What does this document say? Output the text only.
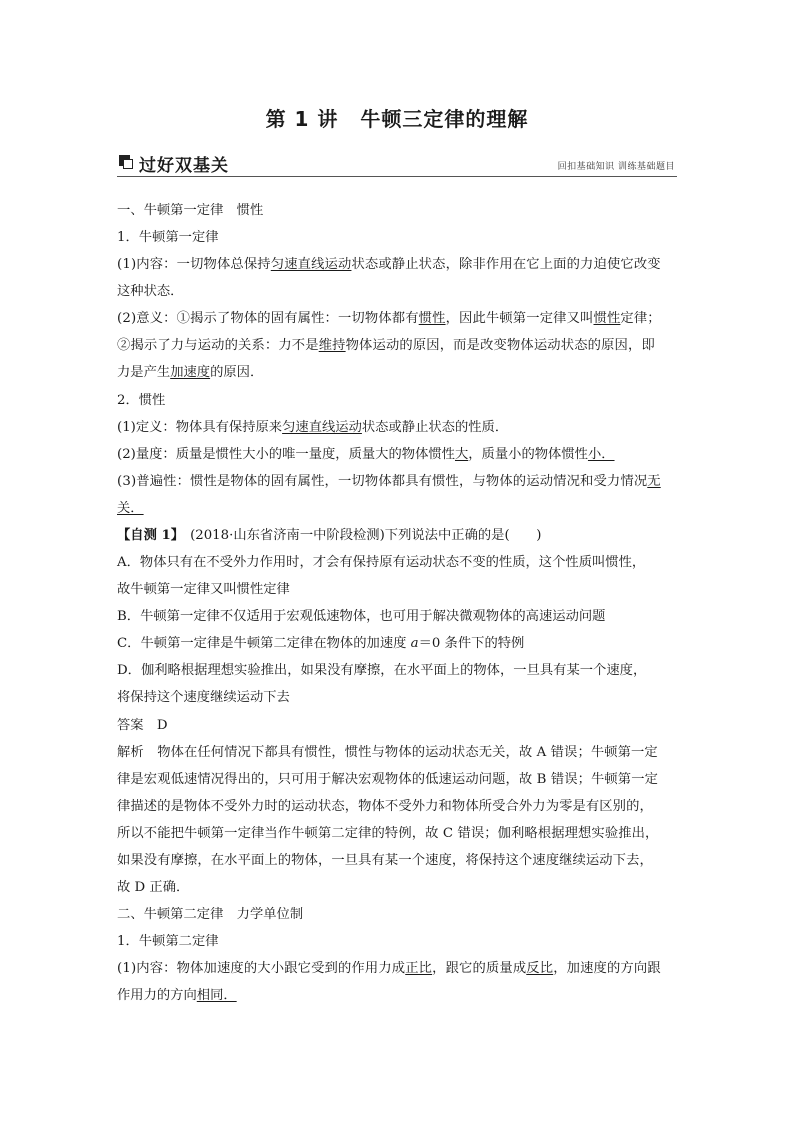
第 1 讲 牛顿三定律的理解
过好双基关	回扣基础知识 训练基础题目
一、牛顿第一定律　惯性
1．牛顿第一定律
(1)内容：一切物体总保持匀速直线运动状态或静止状态，除非作用在它上面的力迫使它改变
这种状态．
(2)意义：①揭示了物体的固有属性：一切物体都有惯性，因此牛顿第一定律又叫惯性定律；
②揭示了力与运动的关系：力不是维持物体运动的原因，而是改变物体运动状态的原因，即
力是产生加速度的原因．
2．惯性
(1)定义：物体具有保持原来匀速直线运动状态或静止状态的性质．
(2)量度：质量是惯性大小的唯一量度，质量大的物体惯性大，质量小的物体惯性小．
(3)普遍性：惯性是物体的固有属性，一切物体都具有惯性，与物体的运动情况和受力情况无
关．
【自测 1】 (2018·山东省济南一中阶段检测)下列说法中正确的是(　　)
A．物体只有在不受外力作用时，才会有保持原有运动状态不变的性质，这个性质叫惯性，
故牛顿第一定律又叫惯性定律
B．牛顿第一定律不仅适用于宏观低速物体，也可用于解决微观物体的高速运动问题
C．牛顿第一定律是牛顿第二定律在物体的加速度 a＝0 条件下的特例
D．伽利略根据理想实验推出，如果没有摩擦，在水平面上的物体，一旦具有某一个速度，
将保持这个速度继续运动下去
答案　D
解析　物体在任何情况下都具有惯性，惯性与物体的运动状态无关，故 A 错误；牛顿第一定
律是宏观低速情况得出的，只可用于解决宏观物体的低速运动问题，故 B 错误；牛顿第一定
律描述的是物体不受外力时的运动状态，物体不受外力和物体所受合外力为零是有区别的，
所以不能把牛顿第一定律当作牛顿第二定律的特例，故 C 错误；伽利略根据理想实验推出，
如果没有摩擦，在水平面上的物体，一旦具有某一个速度，将保持这个速度继续运动下去，
故 D 正确．
二、牛顿第二定律　力学单位制
1．牛顿第二定律
(1)内容：物体加速度的大小跟它受到的作用力成正比，跟它的质量成反比，加速度的方向跟
作用力的方向相同．
